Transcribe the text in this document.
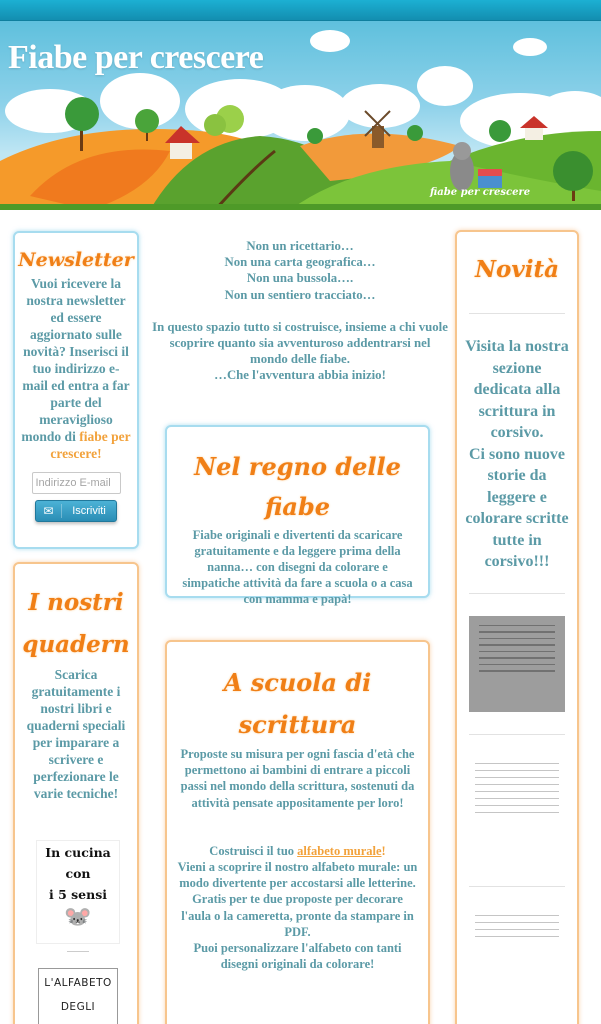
Fiabe per crescere
fiabe per crescere
Newsletter
Vuoi ricevere la nostra newsletter ed essere aggiornato sulle novità? Inserisci il tuo indirizzo e-mail ed entra a far parte del meraviglioso mondo di fiabe per crescere!
Indirizzo E-mail
✉	Iscriviti
I nostri quadern
Scarica gratuitamente i nostri libri e quaderni speciali per imparare a scrivere e perfezionare le varie tecniche!
In cucina
con
i 5 sensi
🐭
L'ALFABETO
DEGLI
Non un ricettario…
Non una carta geografica…
Non una bussola….
Non un sentiero tracciato…
In questo spazio tutto si costruisce, insieme a chi vuole scoprire quanto sia avventuroso addentrarsi nel mondo delle fiabe.
…Che l'avventura abbia inizio!
Nel regno delle fiabe
Fiabe originali e divertenti da scaricare gratuitamente e da leggere prima della nanna… con disegni da colorare e simpatiche attività da fare a scuola o a casa con mamma e papà!
A scuola di scrittura
Proposte su misura per ogni fascia d'età che permettono ai bambini di entrare a piccoli passi nel mondo della scrittura, sostenuti da attività pensate appositamente per loro!
Costruisci il tuo alfabeto murale!
Vieni a scoprire il nostro alfabeto murale: un modo divertente per accostarsi alle letterine.
Gratis per te due proposte per decorare l'aula o la cameretta, pronte da stampare in PDF.
Puoi personalizzare l'alfabeto con tanti disegni originali da colorare!
Novità
Visita la nostra sezione dedicata alla scrittura in corsivo.
Ci sono nuove storie da leggere e colorare scritte tutte in corsivo!!!
